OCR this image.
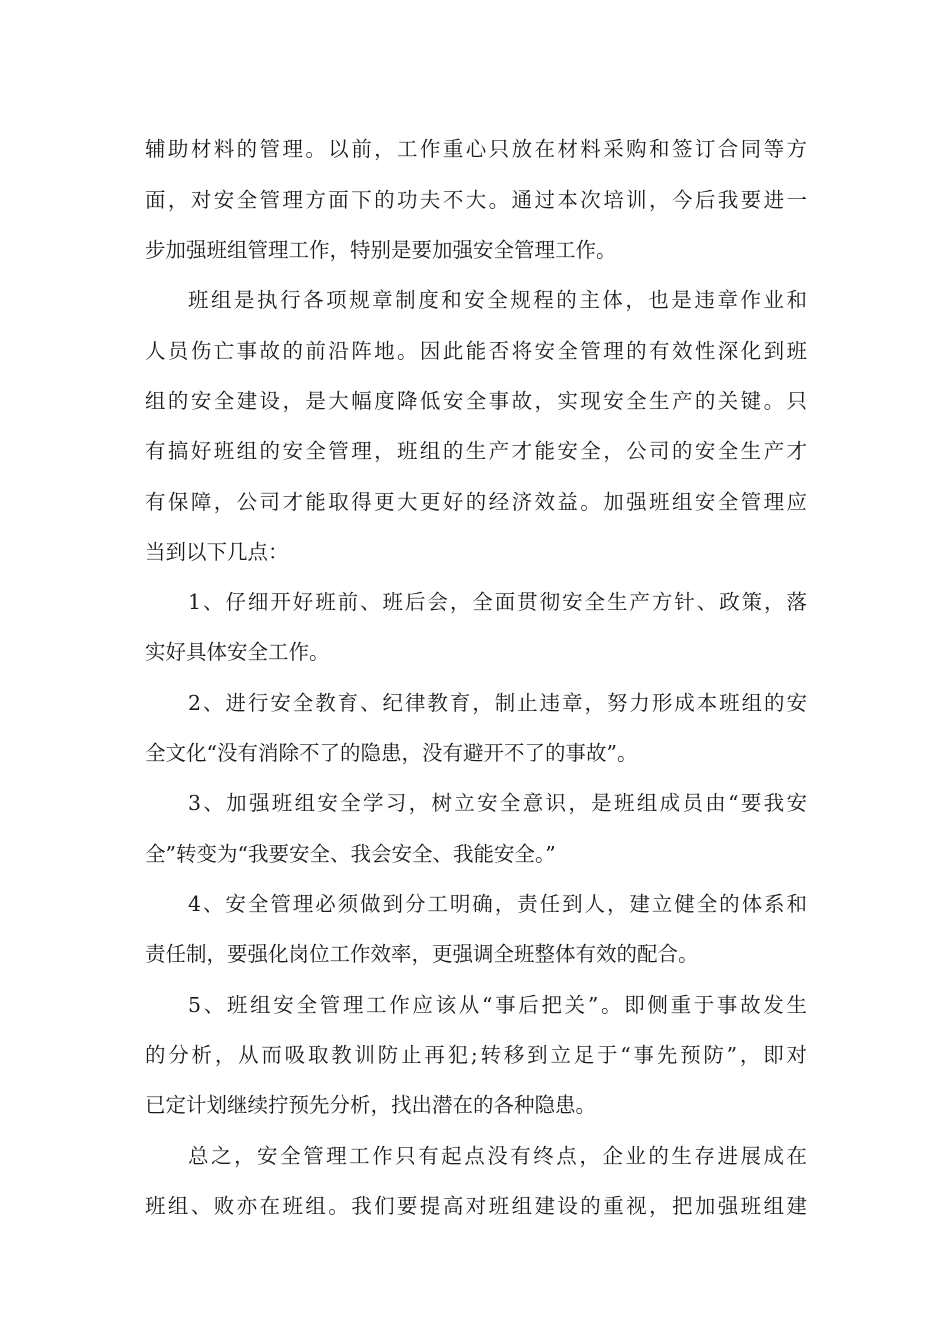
辅助材料的管理。以前，工作重心只放在材料采购和签订合同等方
面，对安全管理方面下的功夫不大。通过本次培训，今后我要进一
步加强班组管理工作，特别是要加强安全管理工作。
班组是执行各项规章制度和安全规程的主体，也是违章作业和
人员伤亡事故的前沿阵地。因此能否将安全管理的有效性深化到班
组的安全建设，是大幅度降低安全事故，实现安全生产的关键。只
有搞好班组的安全管理，班组的生产才能安全，公司的安全生产才
有保障，公司才能取得更大更好的经济效益。加强班组安全管理应
当到以下几点：
1、仔细开好班前、班后会，全面贯彻安全生产方针、政策，落
实好具体安全工作。
2、进行安全教育、纪律教育，制止违章，努力形成本班组的安
全文化“没有消除不了的隐患，没有避开不了的事故”。
3、加强班组安全学习，树立安全意识，是班组成员由“要我安
全”转变为“我要安全、我会安全、我能安全。”
4、安全管理必须做到分工明确，责任到人，建立健全的体系和
责任制，要强化岗位工作效率，更强调全班整体有效的配合。
5、班组安全管理工作应该从“事后把关”。即侧重于事故发生
的分析，从而吸取教训防止再犯;转移到立足于“事先预防”，即对
已定计划继续拧预先分析，找出潜在的各种隐患。
总之，安全管理工作只有起点没有终点，企业的生存进展成在
班组、败亦在班组。我们要提高对班组建设的重视，把加强班组建
